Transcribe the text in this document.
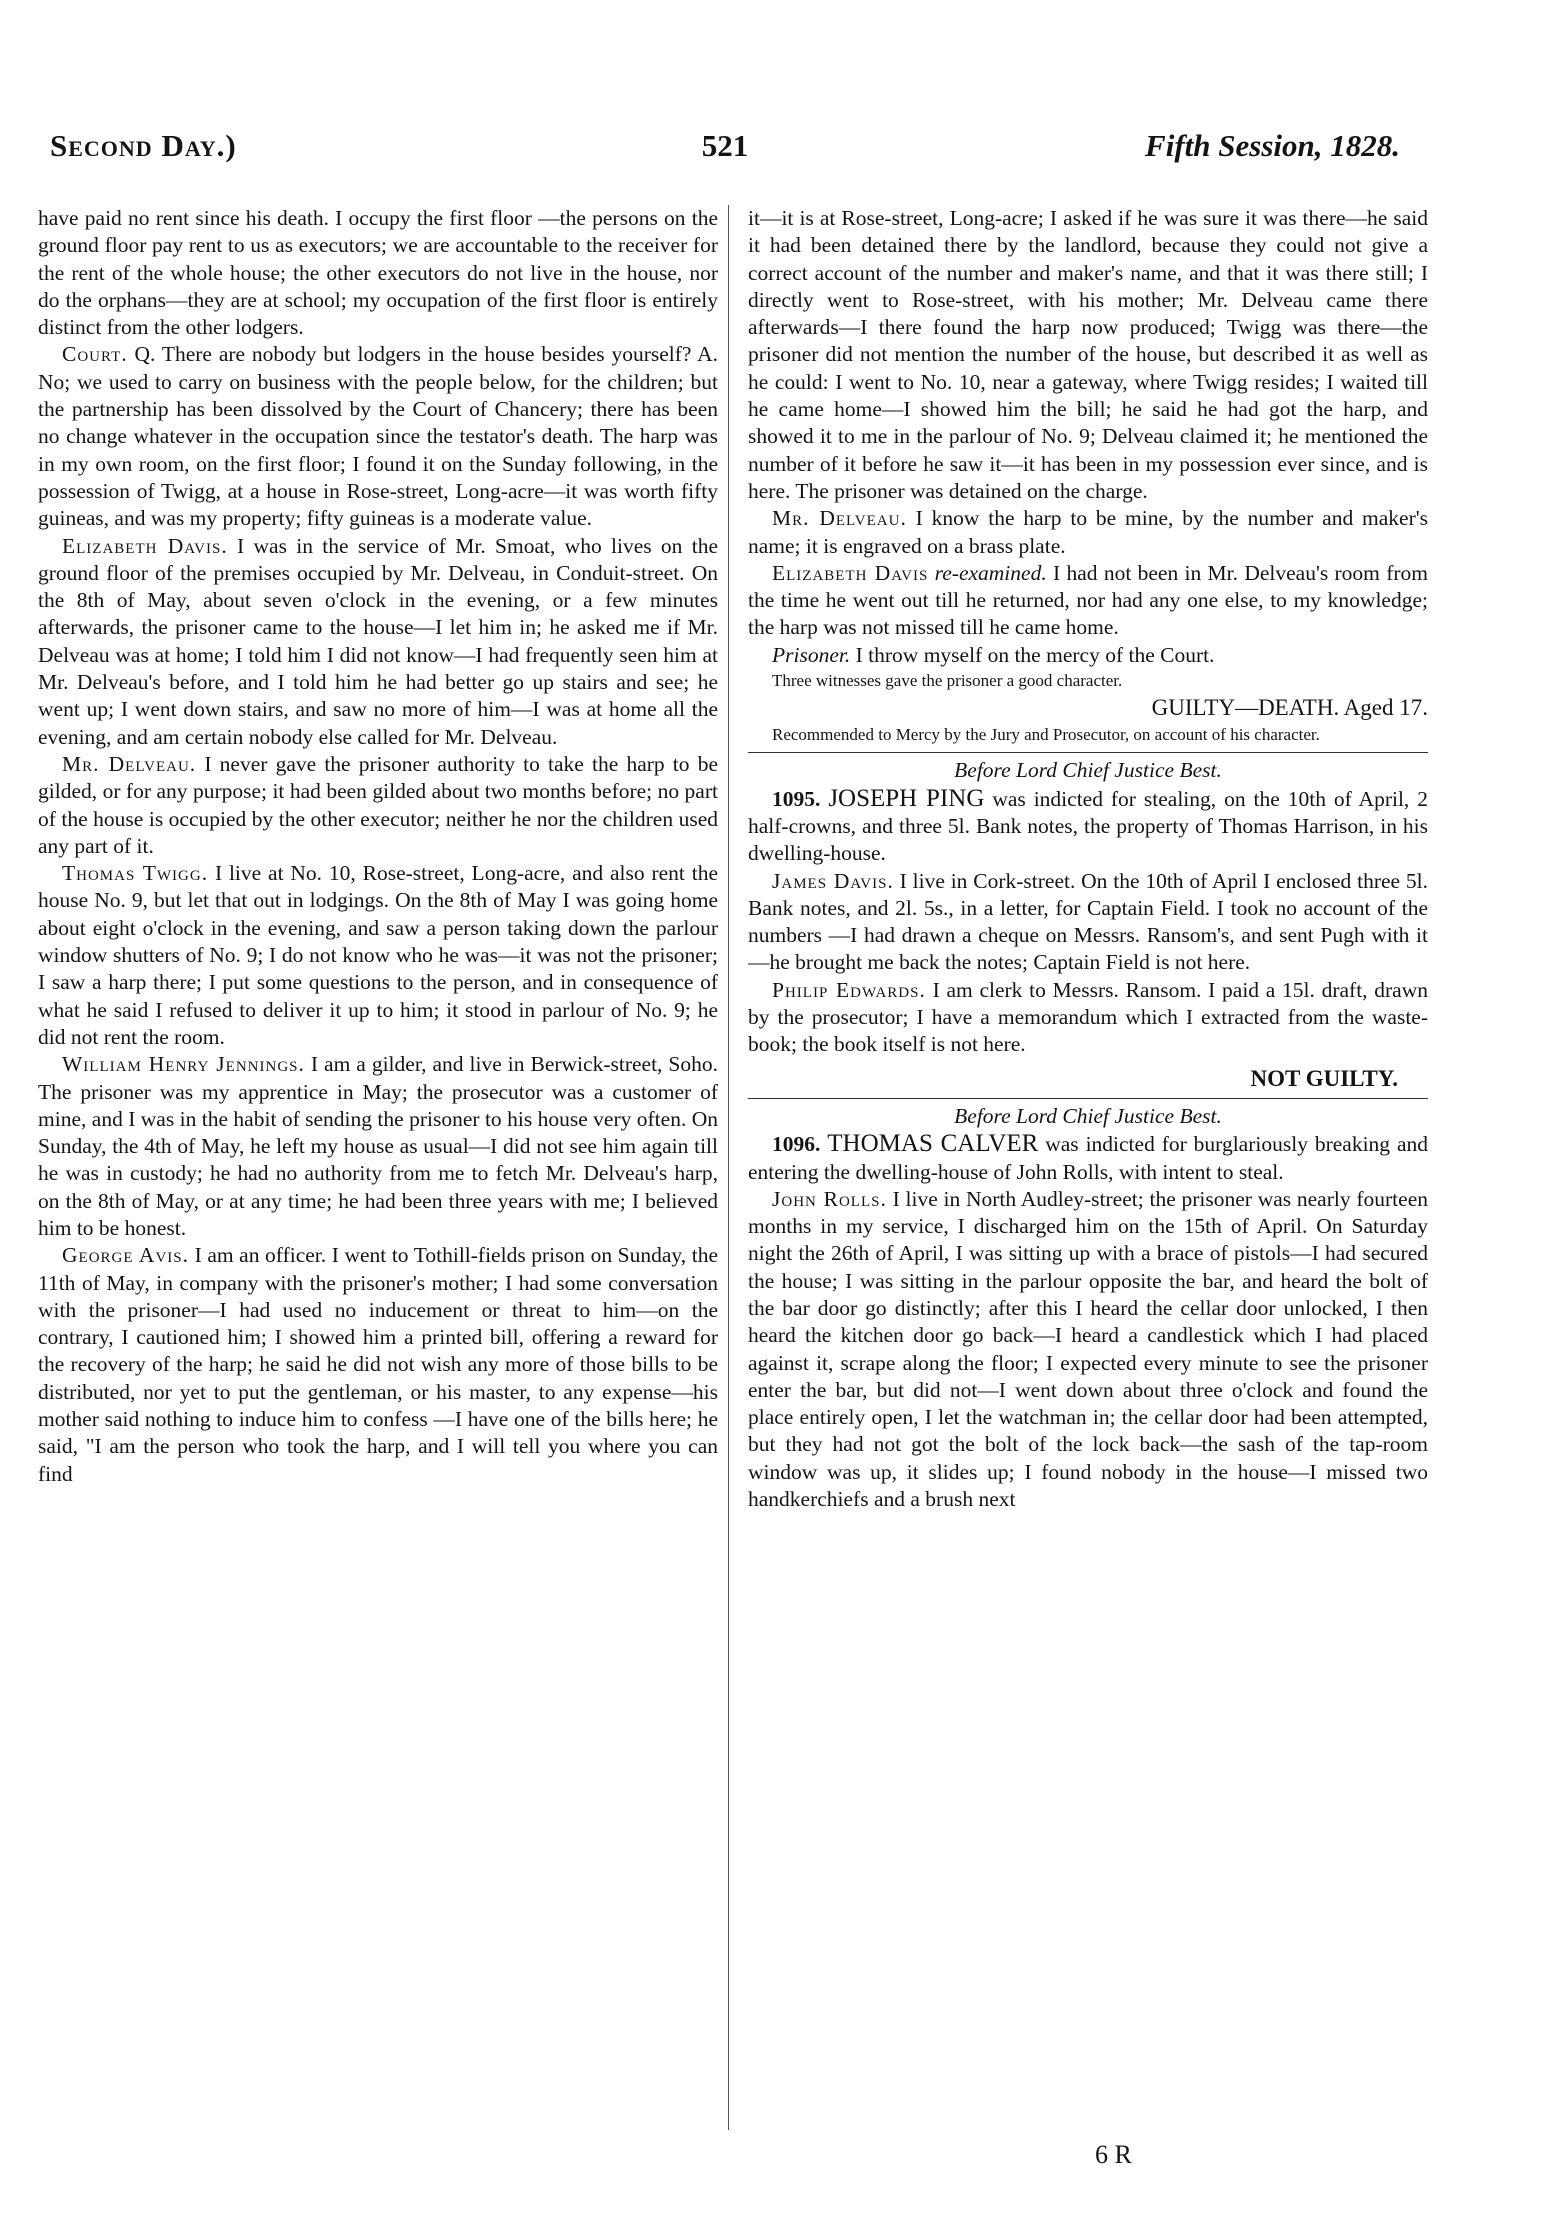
Second Day.)	521	Fifth Session, 1828.

have paid no rent since his death. I occupy the first floor —the persons on the ground floor pay rent to us as executors; we are accountable to the receiver for the rent of the whole house; the other executors do not live in the house, nor do the orphans—they are at school; my occupation of the first floor is entirely distinct from the other lodgers.

Court. Q. There are nobody but lodgers in the house besides yourself? A. No; we used to carry on business with the people below, for the children; but the partnership has been dissolved by the Court of Chancery; there has been no change whatever in the occupation since the testator's death. The harp was in my own room, on the first floor; I found it on the Sunday following, in the possession of Twigg, at a house in Rose-street, Long-acre—it was worth fifty guineas, and was my property; fifty guineas is a moderate value.

Elizabeth Davis. I was in the service of Mr. Smoat, who lives on the ground floor of the premises occupied by Mr. Delveau, in Conduit-street. On the 8th of May, about seven o'clock in the evening, or a few minutes afterwards, the prisoner came to the house—I let him in; he asked me if Mr. Delveau was at home; I told him I did not know—I had frequently seen him at Mr. Delveau's before, and I told him he had better go up stairs and see; he went up; I went down stairs, and saw no more of him—I was at home all the evening, and am certain nobody else called for Mr. Delveau.

Mr. Delveau. I never gave the prisoner authority to take the harp to be gilded, or for any purpose; it had been gilded about two months before; no part of the house is occupied by the other executor; neither he nor the children used any part of it.

Thomas Twigg. I live at No. 10, Rose-street, Long-acre, and also rent the house No. 9, but let that out in lodgings. On the 8th of May I was going home about eight o'clock in the evening, and saw a person taking down the parlour window shutters of No. 9; I do not know who he was—it was not the prisoner; I saw a harp there; I put some questions to the person, and in consequence of what he said I refused to deliver it up to him; it stood in parlour of No. 9; he did not rent the room.

William Henry Jennings. I am a gilder, and live in Berwick-street, Soho. The prisoner was my apprentice in May; the prosecutor was a customer of mine, and I was in the habit of sending the prisoner to his house very often. On Sunday, the 4th of May, he left my house as usual—I did not see him again till he was in custody; he had no authority from me to fetch Mr. Delveau's harp, on the 8th of May, or at any time; he had been three years with me; I believed him to be honest.

George Avis. I am an officer. I went to Tothill-fields prison on Sunday, the 11th of May, in company with the prisoner's mother; I had some conversation with the prisoner—I had used no inducement or threat to him—on the contrary, I cautioned him; I showed him a printed bill, offering a reward for the recovery of the harp; he said he did not wish any more of those bills to be distributed, nor yet to put the gentleman, or his master, to any expense—his mother said nothing to induce him to confess —I have one of the bills here; he said, "I am the person who took the harp, and I will tell you where you can find

it—it is at Rose-street, Long-acre; I asked if he was sure it was there—he said it had been detained there by the landlord, because they could not give a correct account of the number and maker's name, and that it was there still; I directly went to Rose-street, with his mother; Mr. Delveau came there afterwards—I there found the harp now produced; Twigg was there—the prisoner did not mention the number of the house, but described it as well as he could: I went to No. 10, near a gateway, where Twigg resides; I waited till he came home—I showed him the bill; he said he had got the harp, and showed it to me in the parlour of No. 9; Delveau claimed it; he mentioned the number of it before he saw it—it has been in my possession ever since, and is here. The prisoner was detained on the charge.

Mr. Delveau. I know the harp to be mine, by the number and maker's name; it is engraved on a brass plate.

Elizabeth Davis re-examined. I had not been in Mr. Delveau's room from the time he went out till he returned, nor had any one else, to my knowledge; the harp was not missed till he came home.

Prisoner. I throw myself on the mercy of the Court.

Three witnesses gave the prisoner a good character.

GUILTY—DEATH. Aged 17.

Recommended to Mercy by the Jury and Prosecutor, on account of his character.

Before Lord Chief Justice Best.

1095. JOSEPH PING was indicted for stealing, on the 10th of April, 2 half-crowns, and three 5l. Bank notes, the property of Thomas Harrison, in his dwelling-house.

James Davis. I live in Cork-street. On the 10th of April I enclosed three 5l. Bank notes, and 2l. 5s., in a letter, for Captain Field. I took no account of the numbers —I had drawn a cheque on Messrs. Ransom's, and sent Pugh with it—he brought me back the notes; Captain Field is not here.

Philip Edwards. I am clerk to Messrs. Ransom. I paid a 15l. draft, drawn by the prosecutor; I have a memorandum which I extracted from the waste-book; the book itself is not here.

NOT GUILTY.

Before Lord Chief Justice Best.

1096. THOMAS CALVER was indicted for burglariously breaking and entering the dwelling-house of John Rolls, with intent to steal.

John Rolls. I live in North Audley-street; the prisoner was nearly fourteen months in my service, I discharged him on the 15th of April. On Saturday night the 26th of April, I was sitting up with a brace of pistols—I had secured the house; I was sitting in the parlour opposite the bar, and heard the bolt of the bar door go distinctly; after this I heard the cellar door unlocked, I then heard the kitchen door go back—I heard a candlestick which I had placed against it, scrape along the floor; I expected every minute to see the prisoner enter the bar, but did not—I went down about three o'clock and found the place entirely open, I let the watchman in; the cellar door had been attempted, but they had not got the bolt of the lock back—the sash of the tap-room window was up, it slides up; I found nobody in the house—I missed two handkerchiefs and a brush next

6 R
